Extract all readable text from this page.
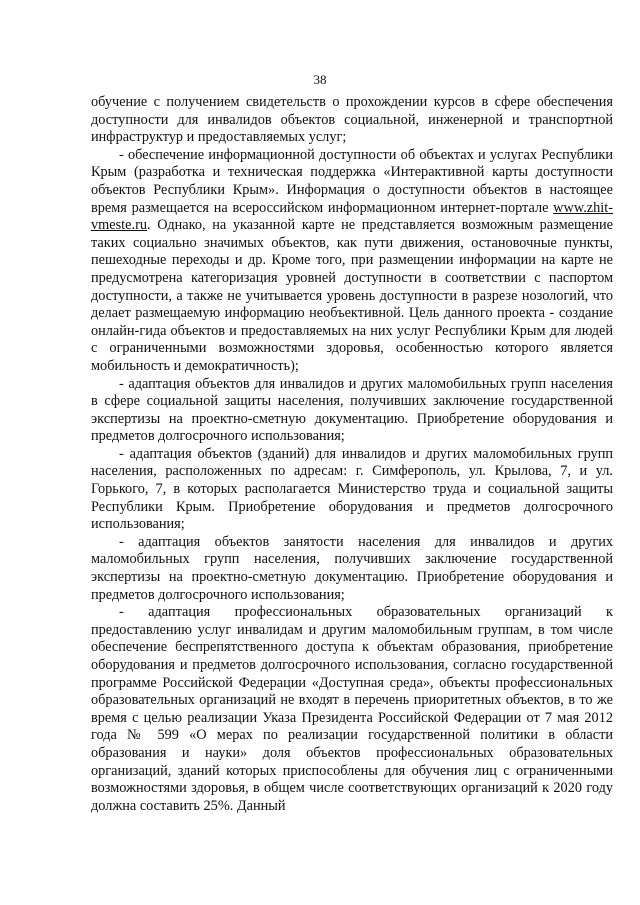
38

обучение с получением свидетельств о прохождении курсов в сфере обеспечения доступности для инвалидов объектов социальной, инженерной и транспортной инфраструктур и предоставляемых услуг;

- обеспечение информационной доступности об объектах и услугах Республики Крым (разработка и техническая поддержка «Интерактивной карты доступности объектов Республики Крым». Информация о доступности объектов в настоящее время размещается на всероссийском информационном интернет-портале www.zhit-vmeste.ru. Однако, на указанной карте не представляется возможным размещение таких социально значимых объектов, как пути движения, остановочные пункты, пешеходные переходы и др. Кроме того, при размещении информации на карте не предусмотрена категоризация уровней доступности в соответствии с паспортом доступности, а также не учитывается уровень доступности в разрезе нозологий, что делает размещаемую информацию необъективной. Цель данного проекта - создание онлайн-гида объектов и предоставляемых на них услуг Республики Крым для людей с ограниченными возможностями здоровья, особенностью которого является мобильность и демократичность);

- адаптация объектов для инвалидов и других маломобильных групп населения в сфере социальной защиты населения, получивших заключение государственной экспертизы на проектно-сметную документацию. Приобретение оборудования и предметов долгосрочного использования;

- адаптация объектов (зданий) для инвалидов и других маломобильных групп населения, расположенных по адресам: г. Симферополь, ул. Крылова, 7, и ул. Горького, 7, в которых располагается Министерство труда и социальной защиты Республики Крым. Приобретение оборудования и предметов долгосрочного использования;

- адаптация объектов занятости населения для инвалидов и других маломобильных групп населения, получивших заключение государственной экспертизы на проектно-сметную документацию. Приобретение оборудования и предметов долгосрочного использования;

- адаптация профессиональных образовательных организаций к предоставлению услуг инвалидам и другим маломобильным группам, в том числе обеспечение беспрепятственного доступа к объектам образования, приобретение оборудования и предметов долгосрочного использования, согласно государственной программе Российской Федерации «Доступная среда», объекты профессиональных образовательных организаций не входят в перечень приоритетных объектов, в то же время с целью реализации Указа Президента Российской Федерации от 7 мая 2012 года № 599 «О мерах по реализации государственной политики в области образования и науки» доля объектов профессиональных образовательных организаций, зданий которых приспособлены для обучения лиц с ограниченными возможностями здоровья, в общем числе соответствующих организаций к 2020 году должна составить 25%. Данный
